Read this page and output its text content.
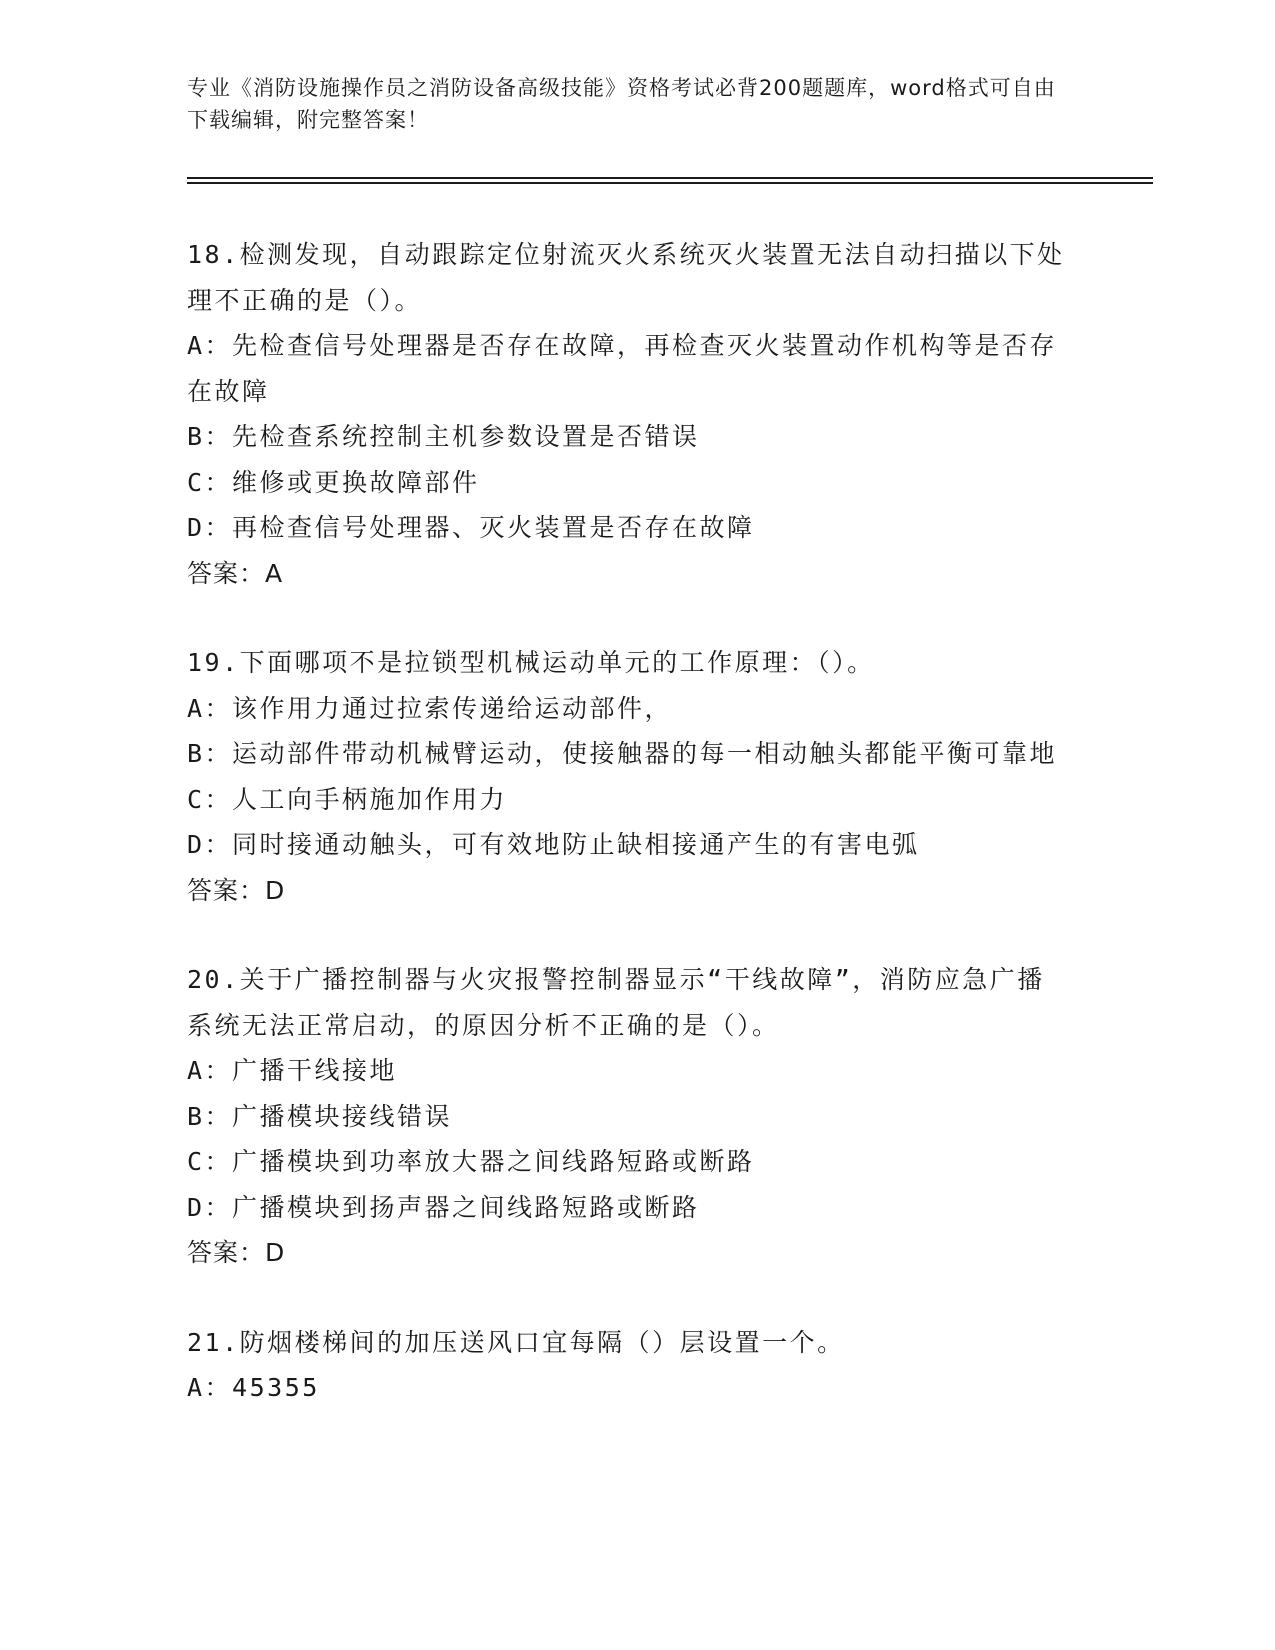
专业《消防设施操作员之消防设备高级技能》资格考试必背200题题库，word格式可自由下载编辑，附完整答案！
18.检测发现，自动跟踪定位射流灭火系统灭火装置无法自动扫描以下处理不正确的是（）。
A：先检查信号处理器是否存在故障，再检查灭火装置动作机构等是否存在故障
B：先检查系统控制主机参数设置是否错误
C：维修或更换故障部件
D：再检查信号处理器、灭火装置是否存在故障
答案：A
19.下面哪项不是拉锁型机械运动单元的工作原理：（）。
A：该作用力通过拉索传递给运动部件，
B：运动部件带动机械臂运动，使接触器的每一相动触头都能平衡可靠地
C：人工向手柄施加作用力
D：同时接通动触头，可有效地防止缺相接通产生的有害电弧
答案：D
20.关于广播控制器与火灾报警控制器显示“干线故障”，消防应急广播系统无法正常启动，的原因分析不正确的是（）。
A：广播干线接地
B：广播模块接线错误
C：广播模块到功率放大器之间线路短路或断路
D：广播模块到扬声器之间线路短路或断路
答案：D
21.防烟楼梯间的加压送风口宜每隔（）层设置一个。
A：45355
